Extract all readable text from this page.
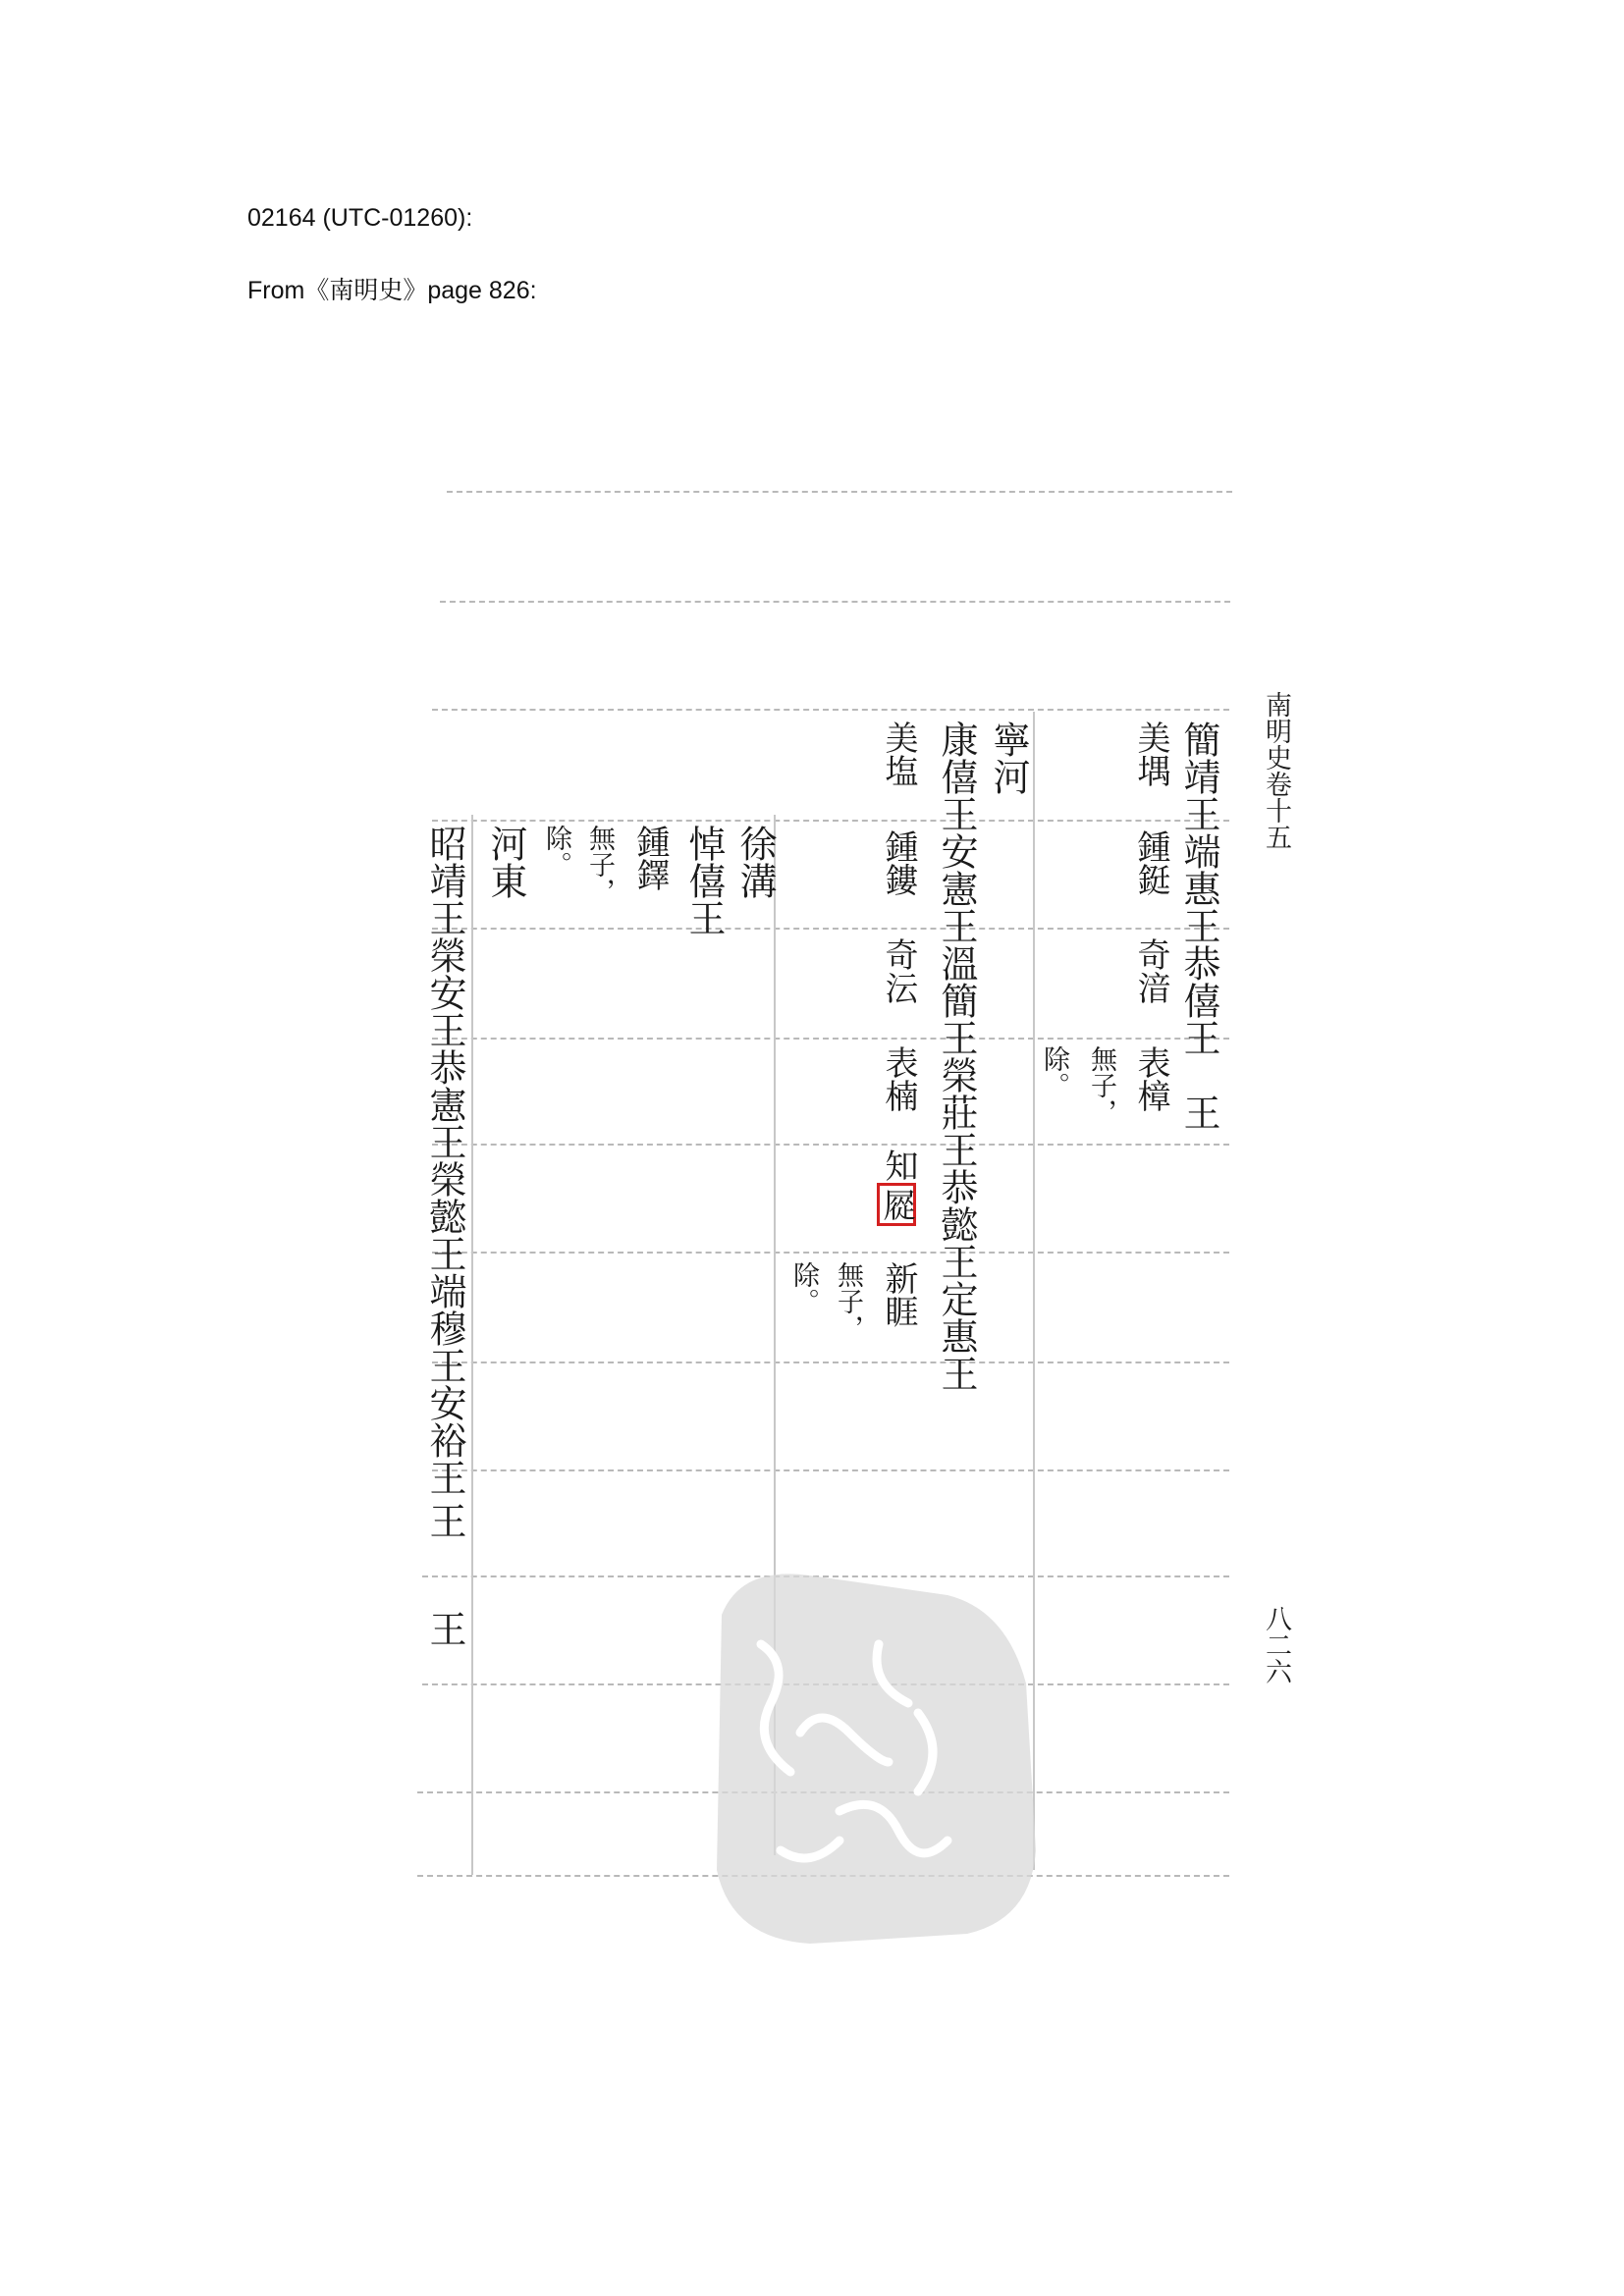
02164 (UTC-01260):
From《南明史》page 826:
南明史卷十五
八二六
簡靖王端惠王恭僖王　王
美堣
鍾鋌
奇湆
表樟
無子，
除。
寧河
康僖王安憲王溫簡王榮莊王恭懿王定惠王
美塩
鍾鏤
奇沄
表楠
知
㞞
新睚
無子，
除。
徐溝
悼僖王
鍾鐸
無子，
除。
河東
昭靖王榮安王恭憲王榮懿王端穆王安裕王
王
王
